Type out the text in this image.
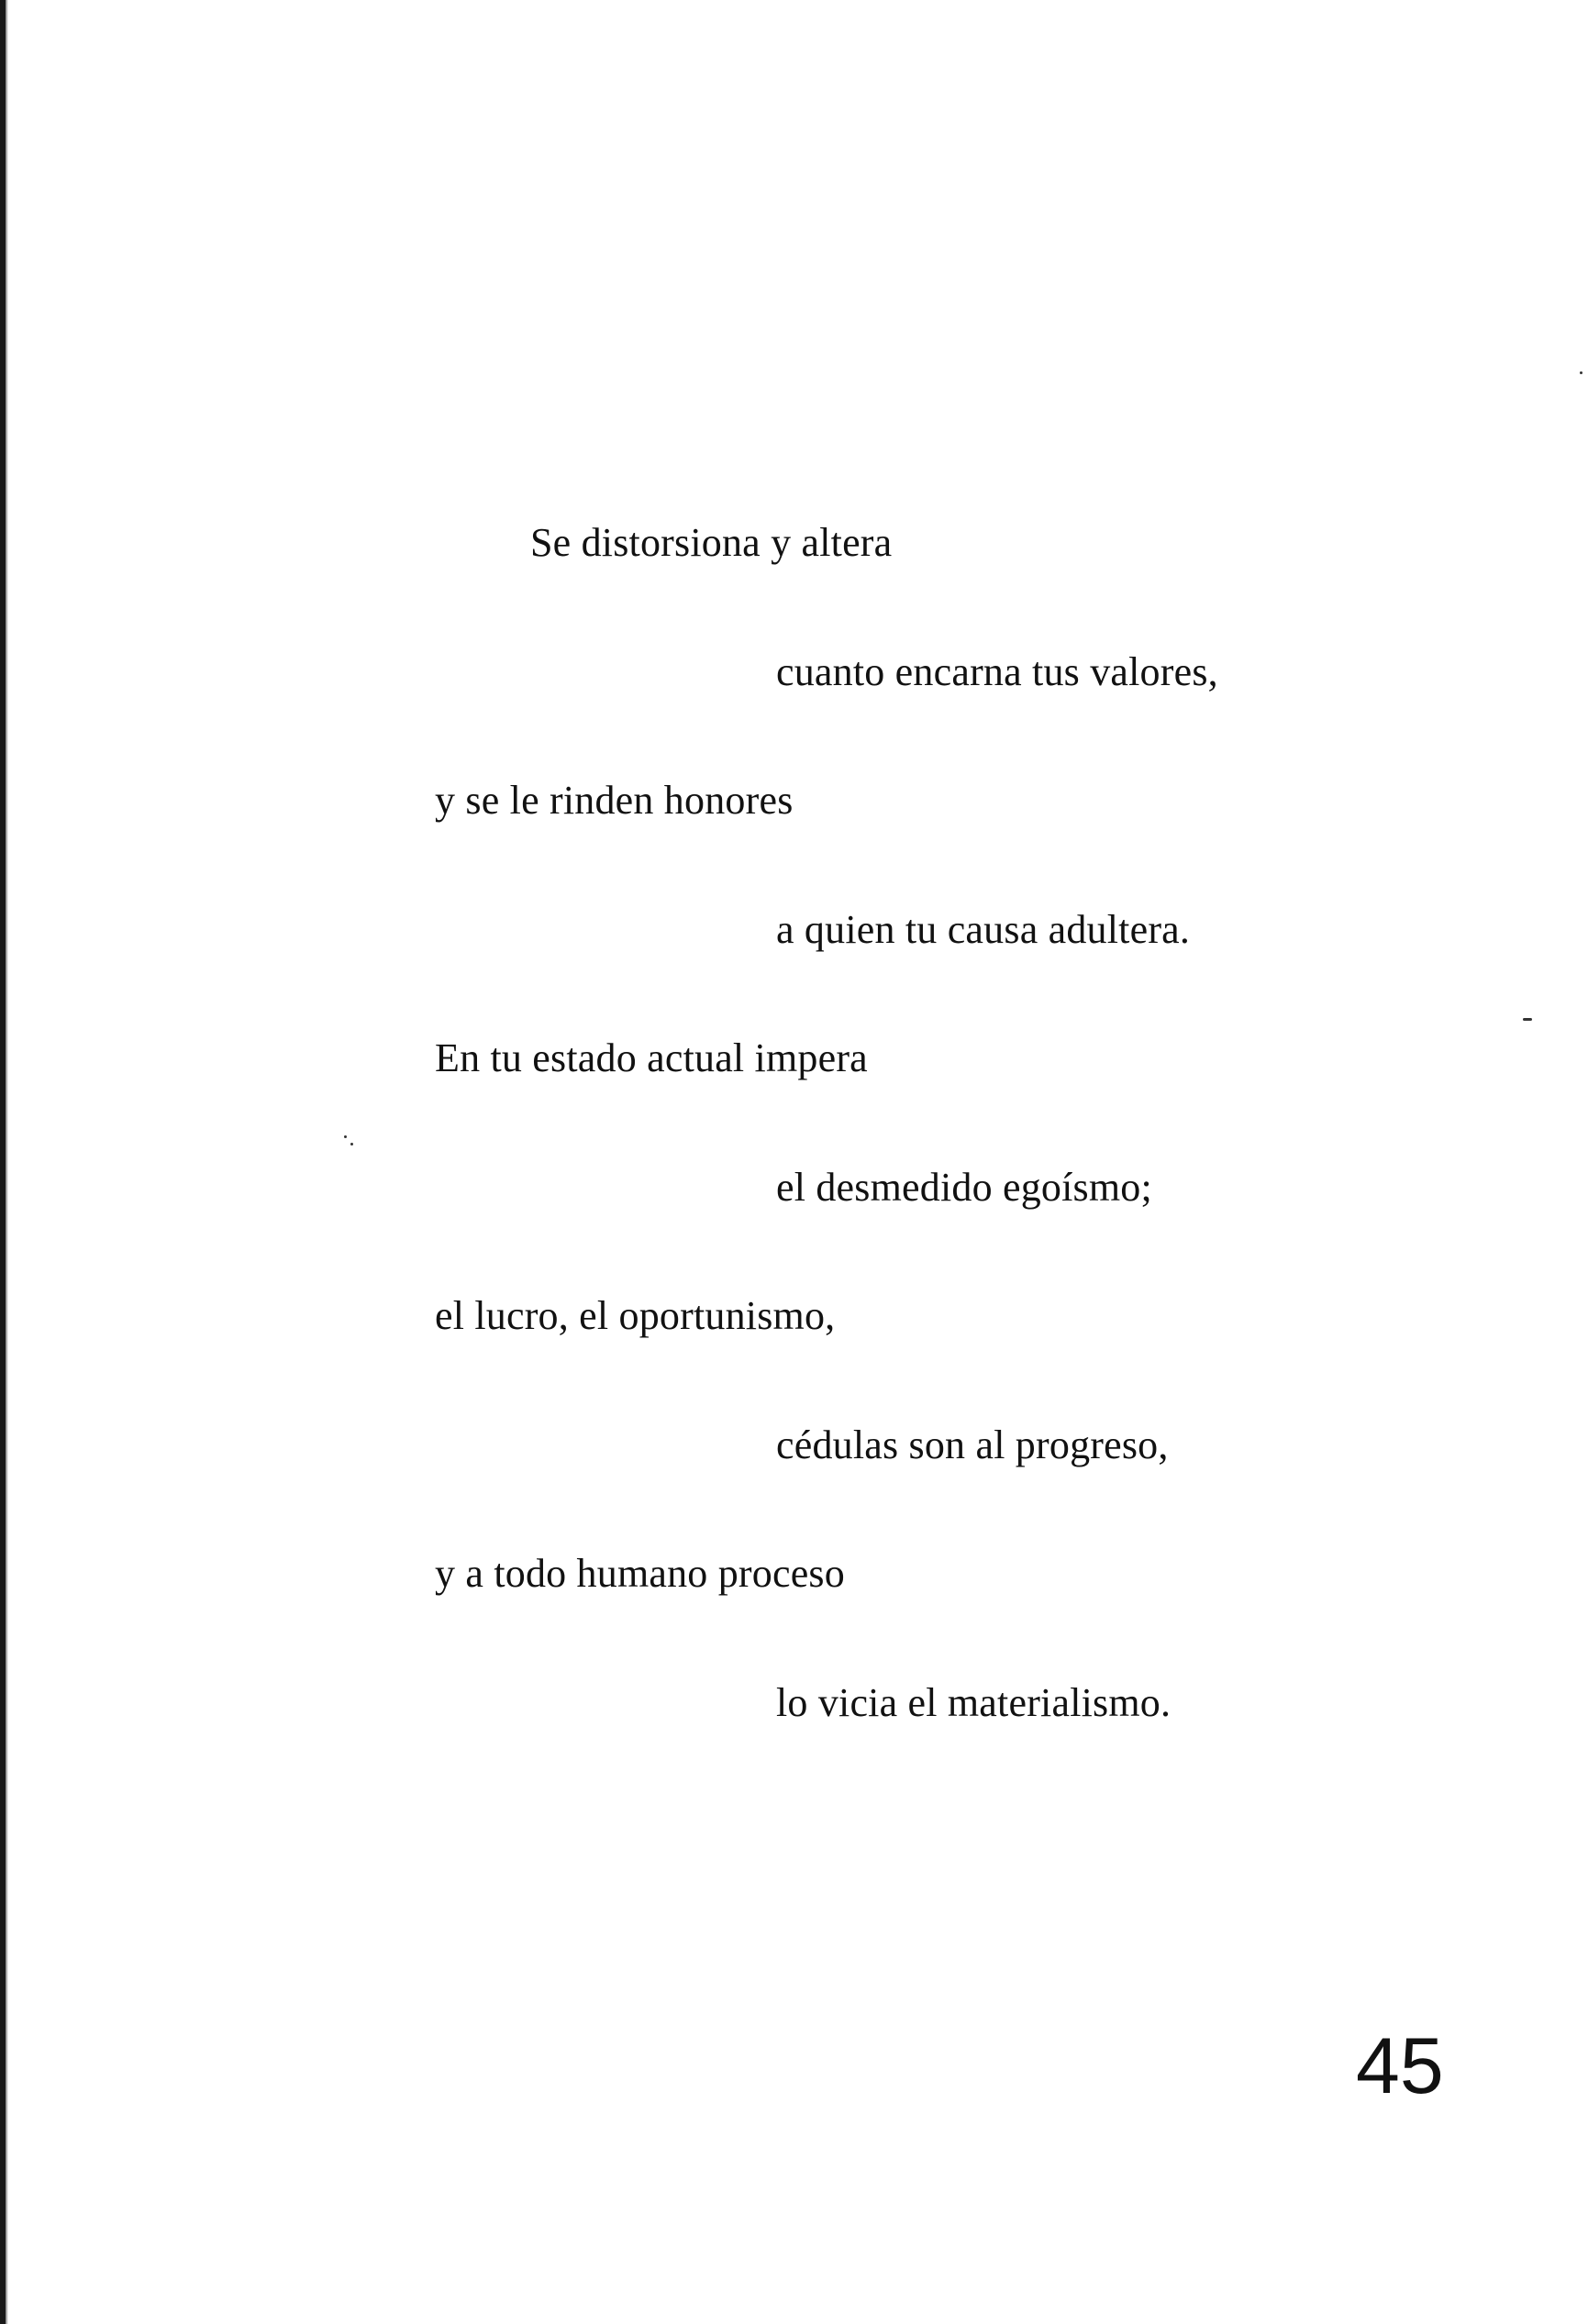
Se distorsiona y altera
cuanto encarna tus valores,
y se le rinden honores
a quien tu causa adultera.
En tu estado actual impera
el desmedido egoísmo;
el lucro, el oportunismo,
cédulas son al progreso,
y a todo humano proceso
lo vicia el materialismo.
45
